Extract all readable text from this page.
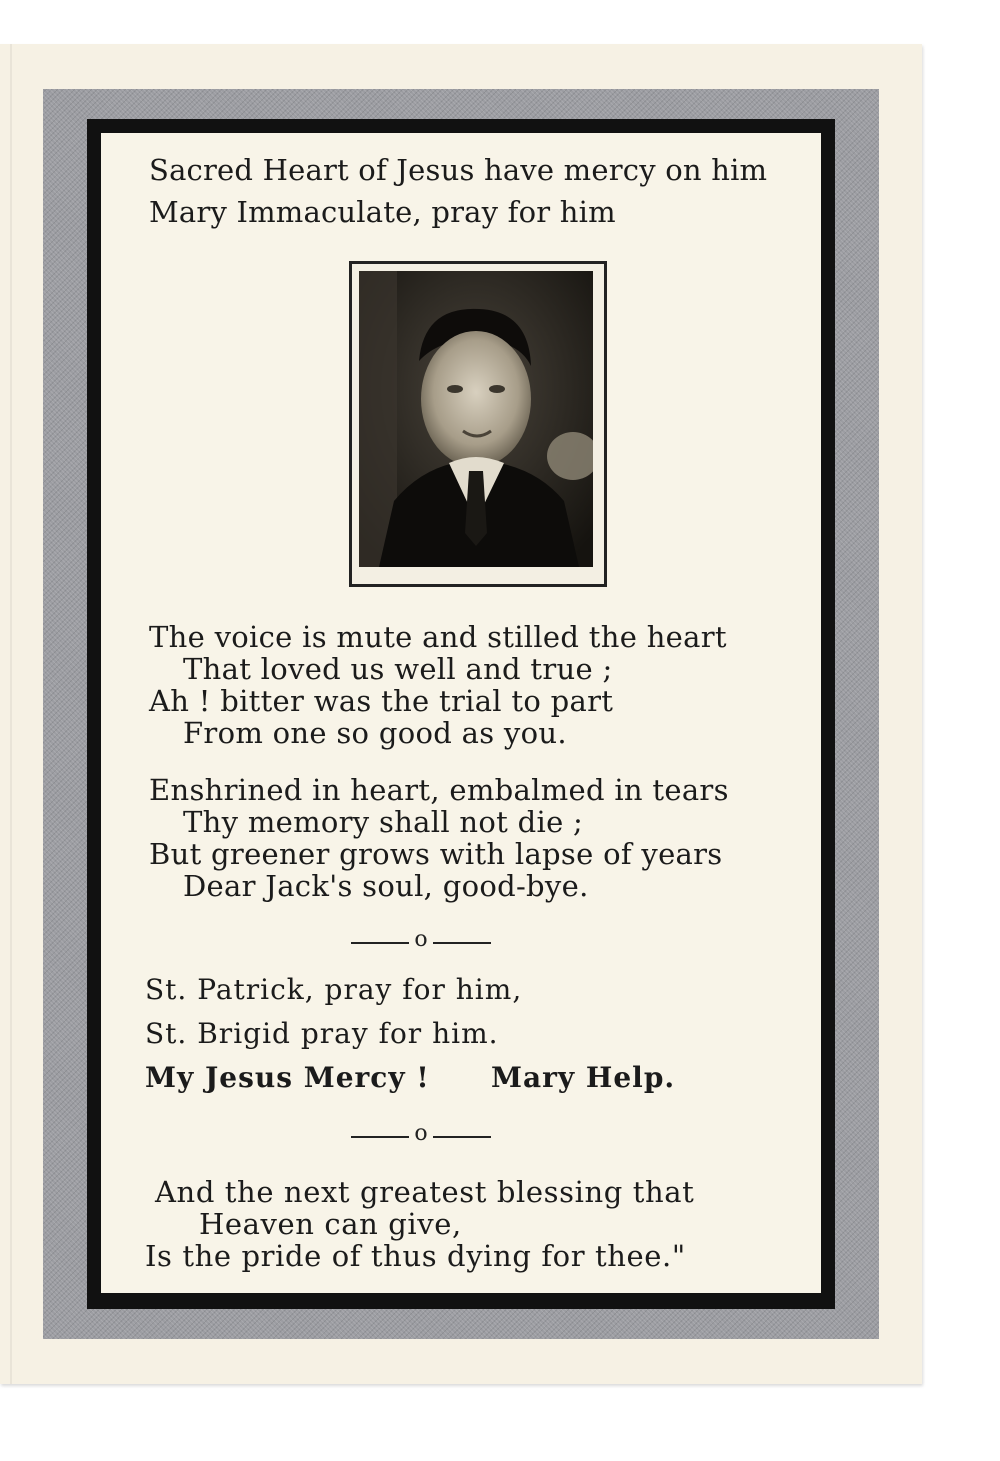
Sacred Heart of Jesus have mercy on him

Mary Immaculate, pray for him

The voice is mute and stilled the heart

That loved us well and true ;

Ah ! bitter was the trial to part

From one so good as you.

Enshrined in heart, embalmed in tears

Thy memory shall not die ;

But greener grows with lapse of years

Dear Jack's soul, good-bye.

o

St. Patrick, pray for him,

St. Brigid pray for him.

My Jesus Mercy ! Mary Help.

o

And the next greatest blessing that

Heaven can give,

Is the pride of thus dying for thee."
